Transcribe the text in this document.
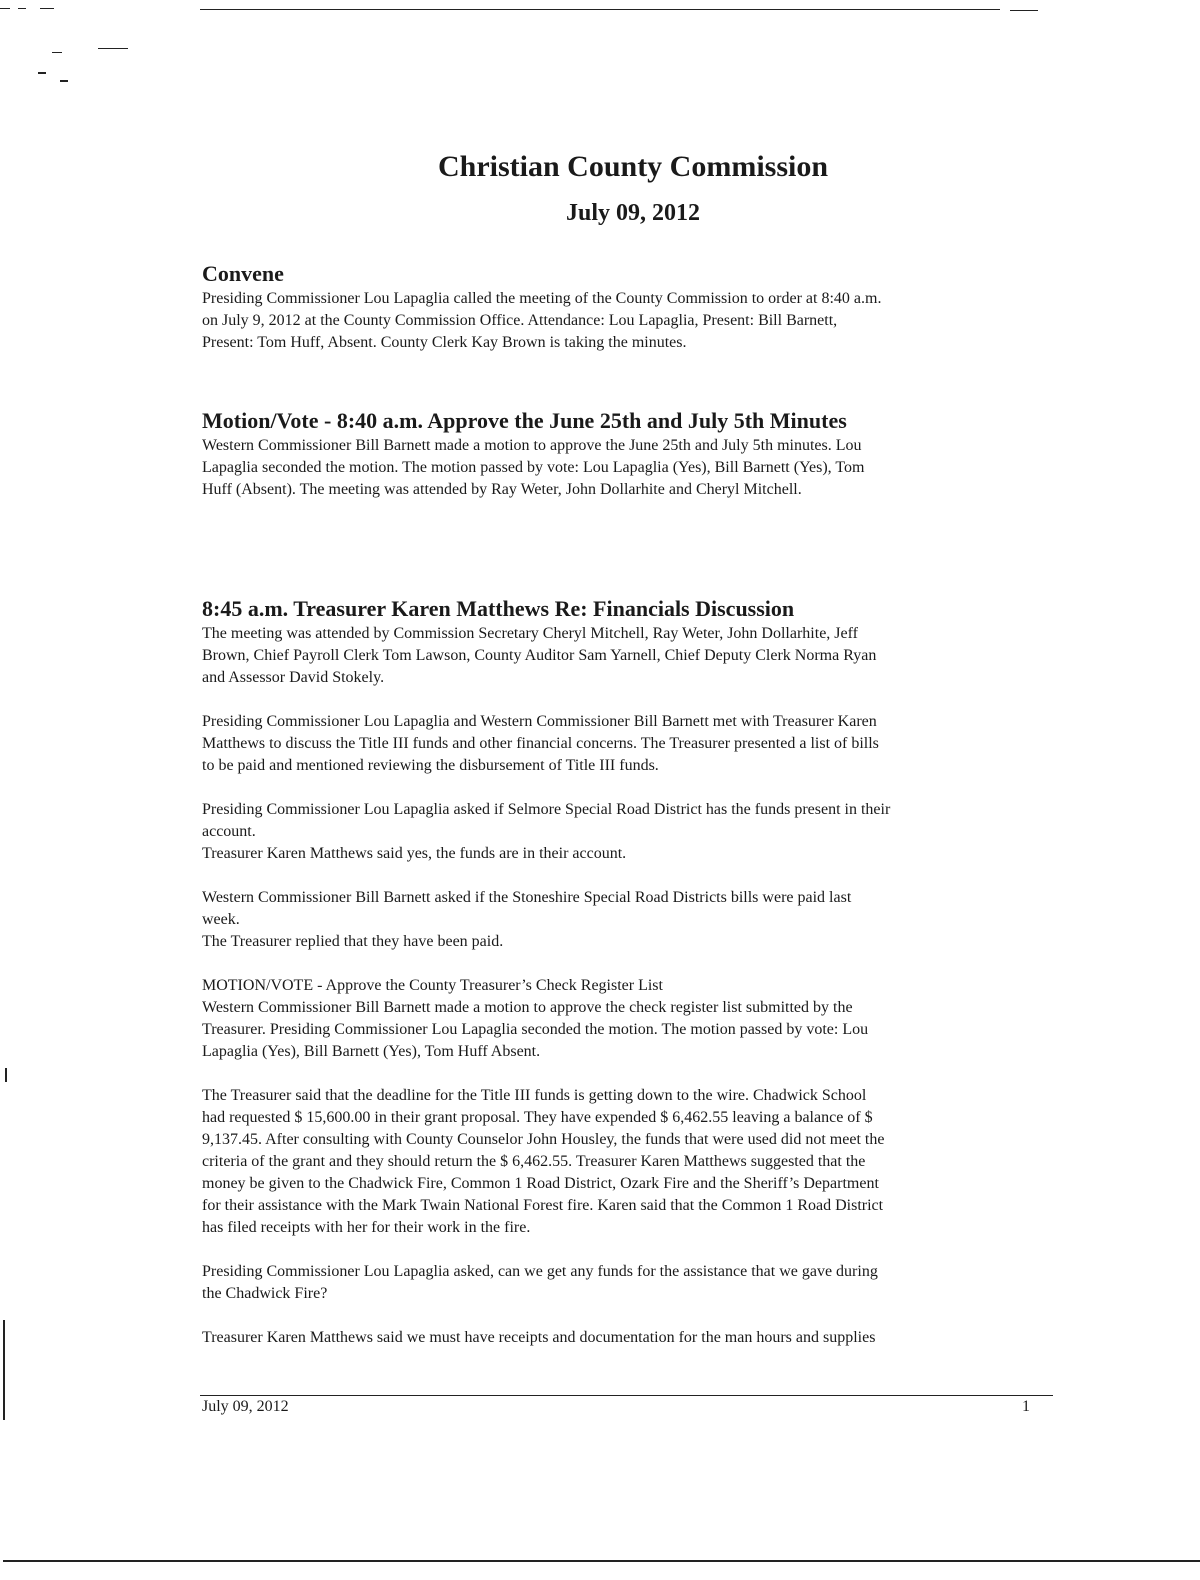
Christian County Commission
July 09, 2012
Convene

Presiding Commissioner Lou Lapaglia called the meeting of the County Commission to order at 8:40 a.m.

on July 9, 2012 at the County Commission Office. Attendance: Lou Lapaglia, Present: Bill Barnett,

Present: Tom Huff, Absent. County Clerk Kay Brown is taking the minutes.

Motion/Vote - 8:40 a.m. Approve the June 25th and July 5th Minutes

Western Commissioner Bill Barnett made a motion to approve the June 25th and July 5th minutes. Lou

Lapaglia seconded the motion. The motion passed by vote: Lou Lapaglia (Yes), Bill Barnett (Yes), Tom

Huff (Absent). The meeting was attended by Ray Weter, John Dollarhite and Cheryl Mitchell.

8:45 a.m. Treasurer Karen Matthews Re: Financials Discussion

The meeting was attended by Commission Secretary Cheryl Mitchell, Ray Weter, John Dollarhite, Jeff

Brown, Chief Payroll Clerk Tom Lawson, County Auditor Sam Yarnell, Chief Deputy Clerk Norma Ryan

and Assessor David Stokely.

Presiding Commissioner Lou Lapaglia and Western Commissioner Bill Barnett met with Treasurer Karen

Matthews to discuss the Title III funds and other financial concerns. The Treasurer presented a list of bills

to be paid and mentioned reviewing the disbursement of Title III funds.

Presiding Commissioner Lou Lapaglia asked if Selmore Special Road District has the funds present in their

account.

Treasurer Karen Matthews said yes, the funds are in their account.

Western Commissioner Bill Barnett asked if the Stoneshire Special Road Districts bills were paid last

week.

The Treasurer replied that they have been paid.

MOTION/VOTE - Approve the County Treasurer’s Check Register List

Western Commissioner Bill Barnett made a motion to approve the check register list submitted by the

Treasurer. Presiding Commissioner Lou Lapaglia seconded the motion. The motion passed by vote: Lou

Lapaglia (Yes), Bill Barnett (Yes), Tom Huff Absent.

The Treasurer said that the deadline for the Title III funds is getting down to the wire. Chadwick School

had requested $ 15,600.00 in their grant proposal. They have expended $ 6,462.55 leaving a balance of $

9,137.45. After consulting with County Counselor John Housley, the funds that were used did not meet the

criteria of the grant and they should return the $ 6,462.55. Treasurer Karen Matthews suggested that the

money be given to the Chadwick Fire, Common 1 Road District, Ozark Fire and the Sheriff’s Department

for their assistance with the Mark Twain National Forest fire. Karen said that the Common 1 Road District

has filed receipts with her for their work in the fire.

Presiding Commissioner Lou Lapaglia asked, can we get any funds for the assistance that we gave during

the Chadwick Fire?

Treasurer Karen Matthews said we must have receipts and documentation for the man hours and supplies

July 09, 2012	1
